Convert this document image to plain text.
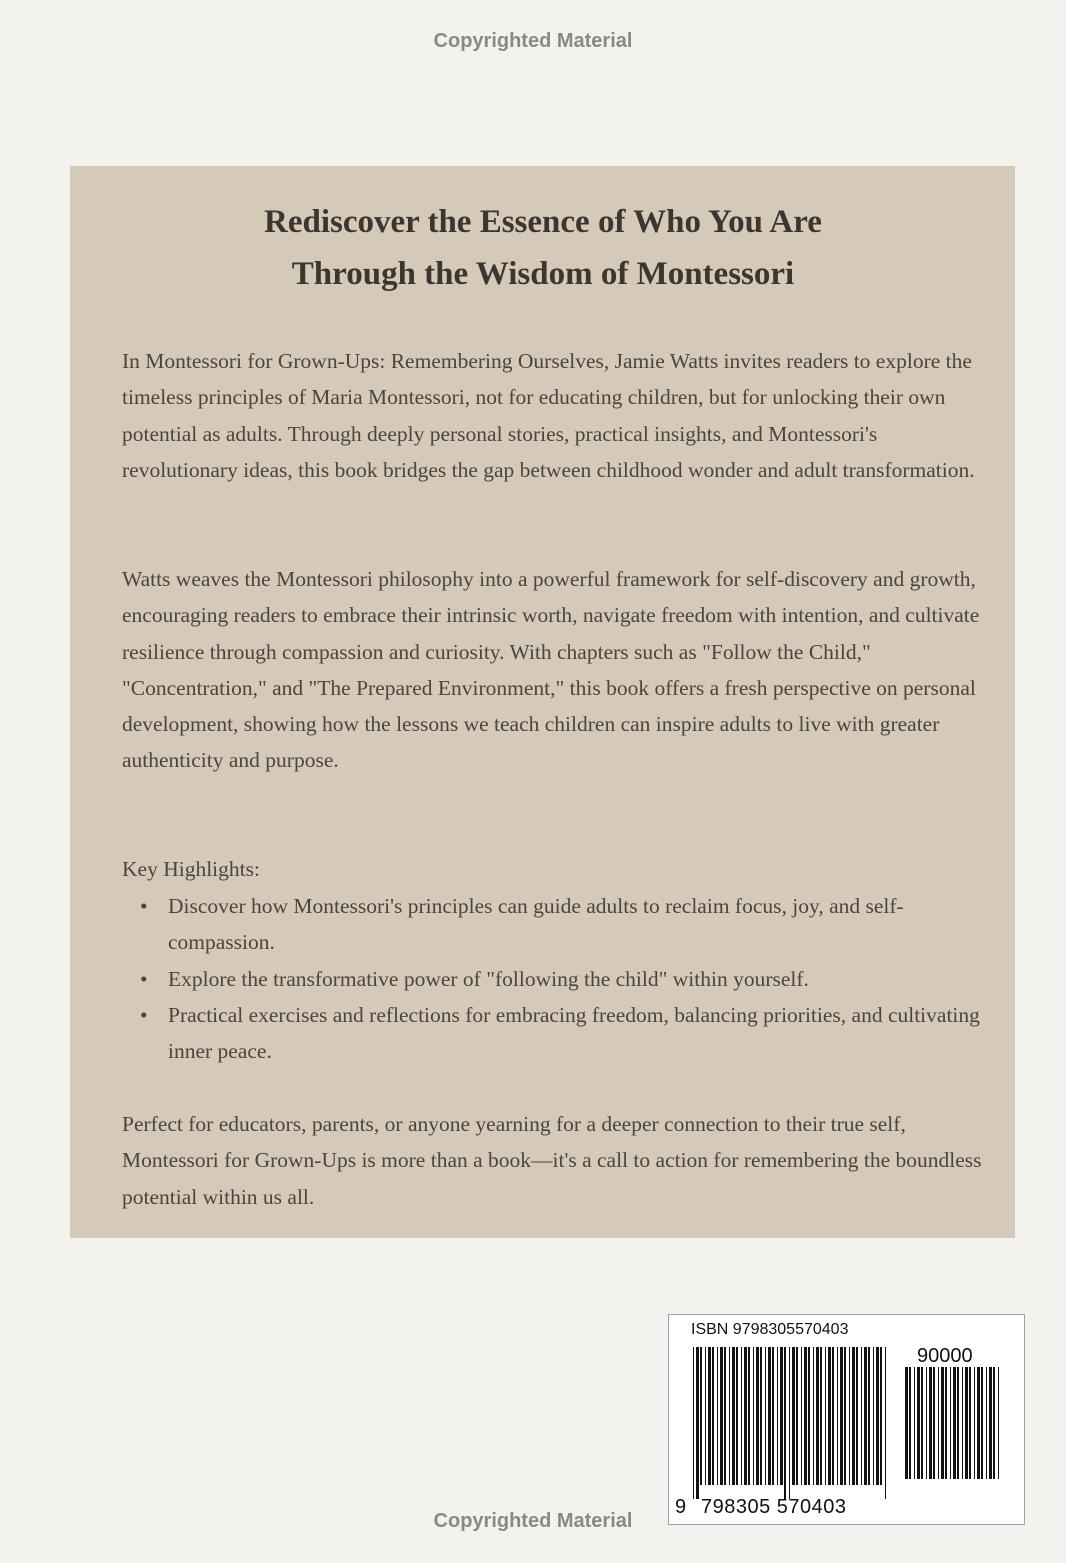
Copyrighted Material
Rediscover the Essence of Who You Are
Through the Wisdom of Montessori
In Montessori for Grown-Ups: Remembering Ourselves, Jamie Watts invites readers to explore the timeless principles of Maria Montessori, not for educating children, but for unlocking their own potential as adults. Through deeply personal stories, practical insights, and Montessori's revolutionary ideas, this book bridges the gap between childhood wonder and adult transformation.
Watts weaves the Montessori philosophy into a powerful framework for self-discovery and growth, encouraging readers to embrace their intrinsic worth, navigate freedom with intention, and cultivate resilience through compassion and curiosity. With chapters such as "Follow the Child," "Concentration," and "The Prepared Environment," this book offers a fresh perspective on personal development, showing how the lessons we teach children can inspire adults to live with greater authenticity and purpose.
Key Highlights:
• Discover how Montessori's principles can guide adults to reclaim focus, joy, and self-compassion.
• Explore the transformative power of "following the child" within yourself.
• Practical exercises and reflections for embracing freedom, balancing priorities, and cultivating inner peace.
Perfect for educators, parents, or anyone yearning for a deeper connection to their true self, Montessori for Grown-Ups is more than a book—it's a call to action for remembering the boundless potential within us all.
ISBN 9798305570403
90000
9 798305 570403
Copyrighted Material
